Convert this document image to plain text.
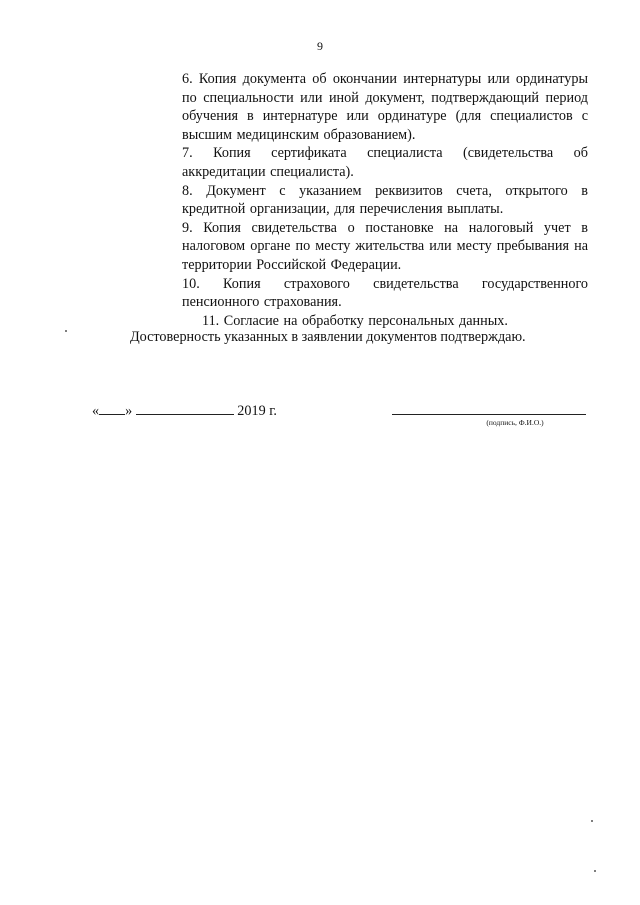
9

6. Копия документа об окончании интернатуры или ординатуры по специальности или иной документ, подтверждающий период обучения в интернатуре или ординатуре (для специалистов с высшим медицинским образованием).

7. Копия сертификата специалиста (свидетельства об аккредитации специалиста).

8. Документ с указанием реквизитов счета, открытого в кредитной организации, для перечисления выплаты.

9. Копия свидетельства о постановке на налоговый учет в налоговом органе по месту жительства или месту пребывания на территории Российской Федерации.

10. Копия страхового свидетельства государственного пенсионного страхования.

11. Согласие на обработку персональных данных.

Достоверность указанных в заявлении документов подтверждаю.
« »	2019 г.
(подпись, Ф.И.О.)
